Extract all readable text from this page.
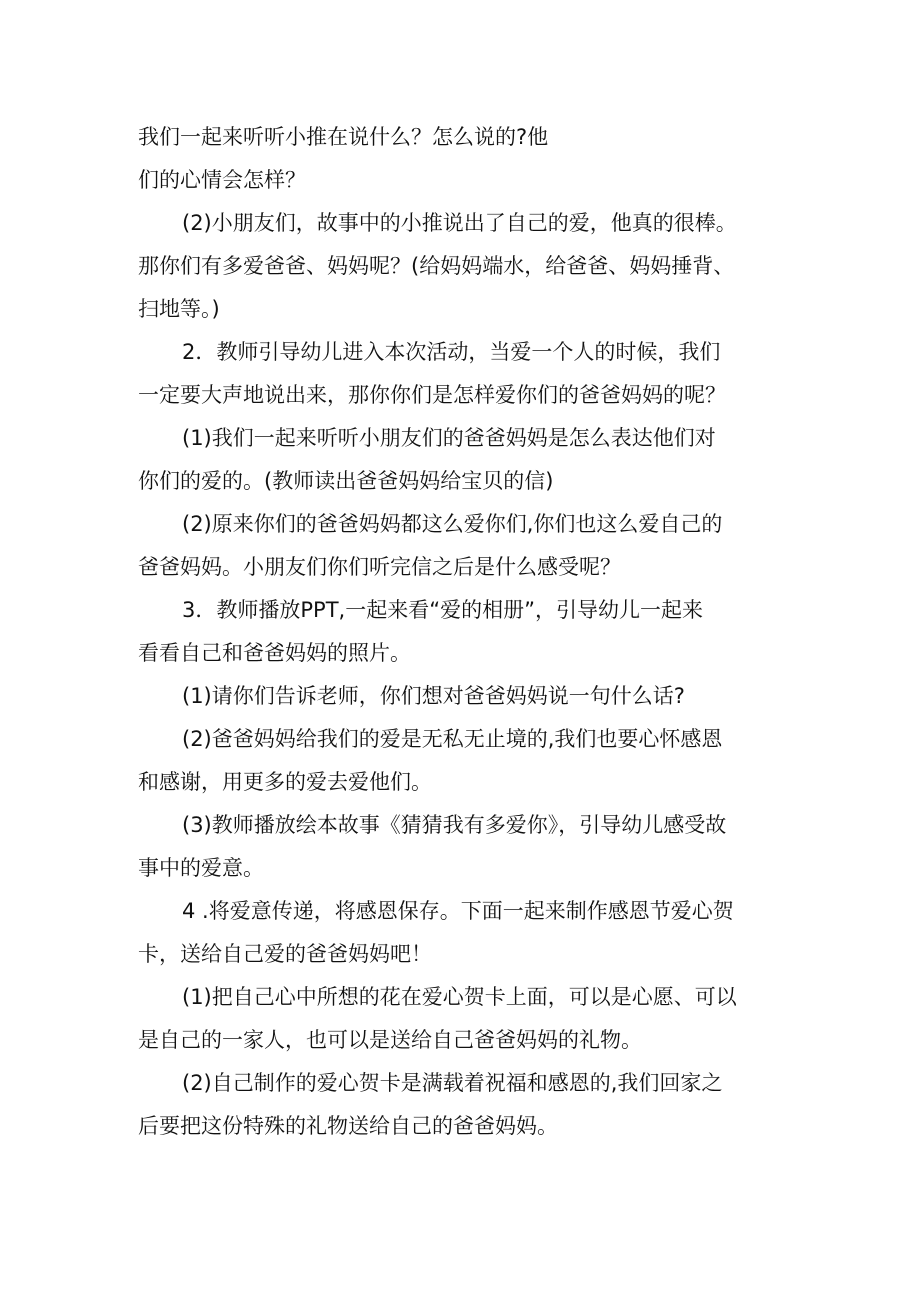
我们一起来听听小推在说什么？怎么说的?他
们的心情会怎样？

(2)小朋友们，故事中的小推说出了自己的爱，他真的很棒。
那你们有多爱爸爸、妈妈呢？(给妈妈端水，给爸爸、妈妈捶背、
扫地等。)

2．教师引导幼儿进入本次活动，当爱一个人的时候，我们
一定要大声地说出来，那你你们是怎样爱你们的爸爸妈妈的呢？

(1)我们一起来听听小朋友们的爸爸妈妈是怎么表达他们对
你们的爱的。(教师读出爸爸妈妈给宝贝的信)

(2)原来你们的爸爸妈妈都这么爱你们,你们也这么爱自己的
爸爸妈妈。小朋友们你们听完信之后是什么感受呢？

3．教师播放PPT,一起来看“爱的相册”，引导幼儿一起来
看看自己和爸爸妈妈的照片。

(1)请你们告诉老师，你们想对爸爸妈妈说一句什么话?

(2)爸爸妈妈给我们的爱是无私无止境的,我们也要心怀感恩
和感谢，用更多的爱去爱他们。

(3)教师播放绘本故事《猜猜我有多爱你》，引导幼儿感受故
事中的爱意。

4 .将爱意传递，将感恩保存。下面一起来制作感恩节爱心贺
卡，送给自己爱的爸爸妈妈吧！

(1)把自己心中所想的花在爱心贺卡上面，可以是心愿、可以
是自己的一家人，也可以是送给自己爸爸妈妈的礼物。

(2)自己制作的爱心贺卡是满载着祝福和感恩的,我们回家之
后要把这份特殊的礼物送给自己的爸爸妈妈。
